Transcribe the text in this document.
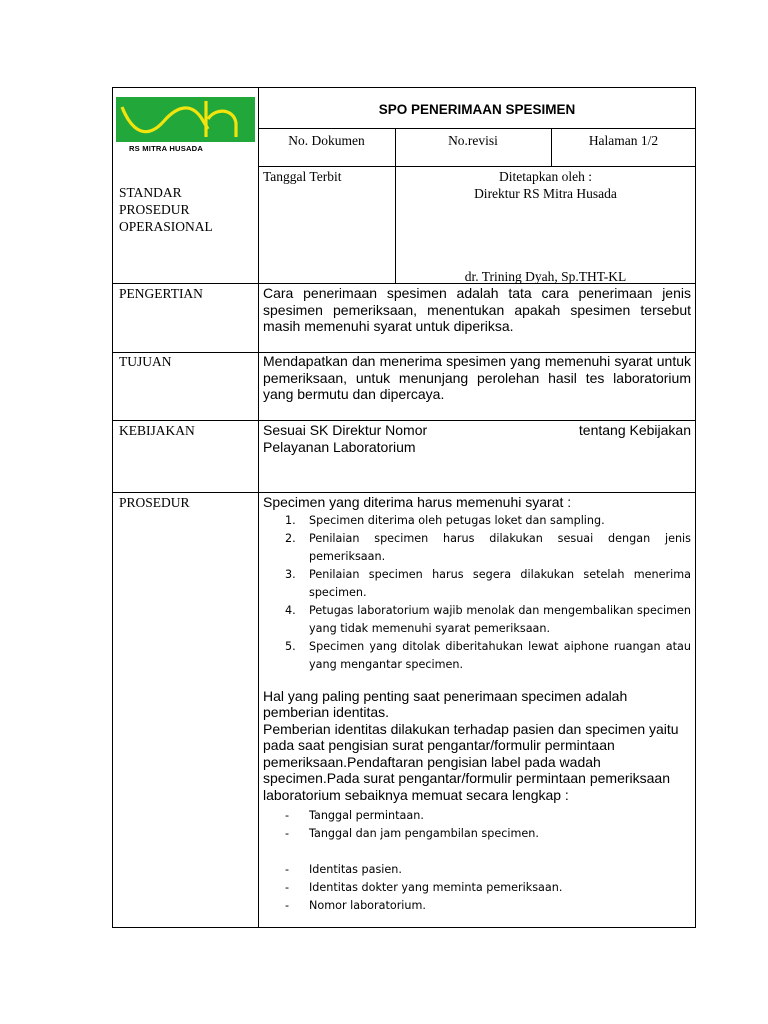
RS MITRA HUSADA
SPO PENERIMAAN SPESIMEN
No. Dokumen	No.revisi	Halaman 1/2
STANDAR PROSEDUR OPERASIONAL
Tanggal Terbit	Ditetapkan oleh :
Direktur RS Mitra Husada
dr. Trining Dyah, Sp.THT-KL
PENGERTIAN	Cara penerimaan spesimen adalah tata cara penerimaan jenis spesimen pemeriksaan, menentukan apakah spesimen tersebut masih memenuhi syarat untuk diperiksa.
TUJUAN	Mendapatkan dan menerima spesimen yang memenuhi syarat untuk pemeriksaan, untuk menunjang perolehan hasil tes laboratorium yang bermutu dan dipercaya.
KEBIJAKAN	Sesuai SK Direktur Nomor	tentang Kebijakan
Pelayanan Laboratorium
PROSEDUR	Specimen yang diterima harus memenuhi syarat :
1. Specimen diterima oleh petugas loket dan sampling.
2. Penilaian specimen harus dilakukan sesuai dengan jenis pemeriksaan.
3. Penilaian specimen harus segera dilakukan setelah menerima specimen.
4. Petugas laboratorium wajib menolak dan mengembalikan specimen yang tidak memenuhi syarat pemeriksaan.
5. Specimen yang ditolak diberitahukan lewat aiphone ruangan atau yang mengantar specimen.
Hal yang paling penting saat penerimaan specimen adalah pemberian identitas.
Pemberian identitas dilakukan terhadap pasien dan specimen yaitu pada saat pengisian surat pengantar/formulir permintaan pemeriksaan.Pendaftaran pengisian label pada wadah specimen.Pada surat pengantar/formulir permintaan pemeriksaan laboratorium sebaiknya memuat secara lengkap :
- Tanggal permintaan.
- Tanggal dan jam pengambilan specimen.
- Identitas pasien.
- Identitas dokter yang meminta pemeriksaan.
- Nomor laboratorium.
